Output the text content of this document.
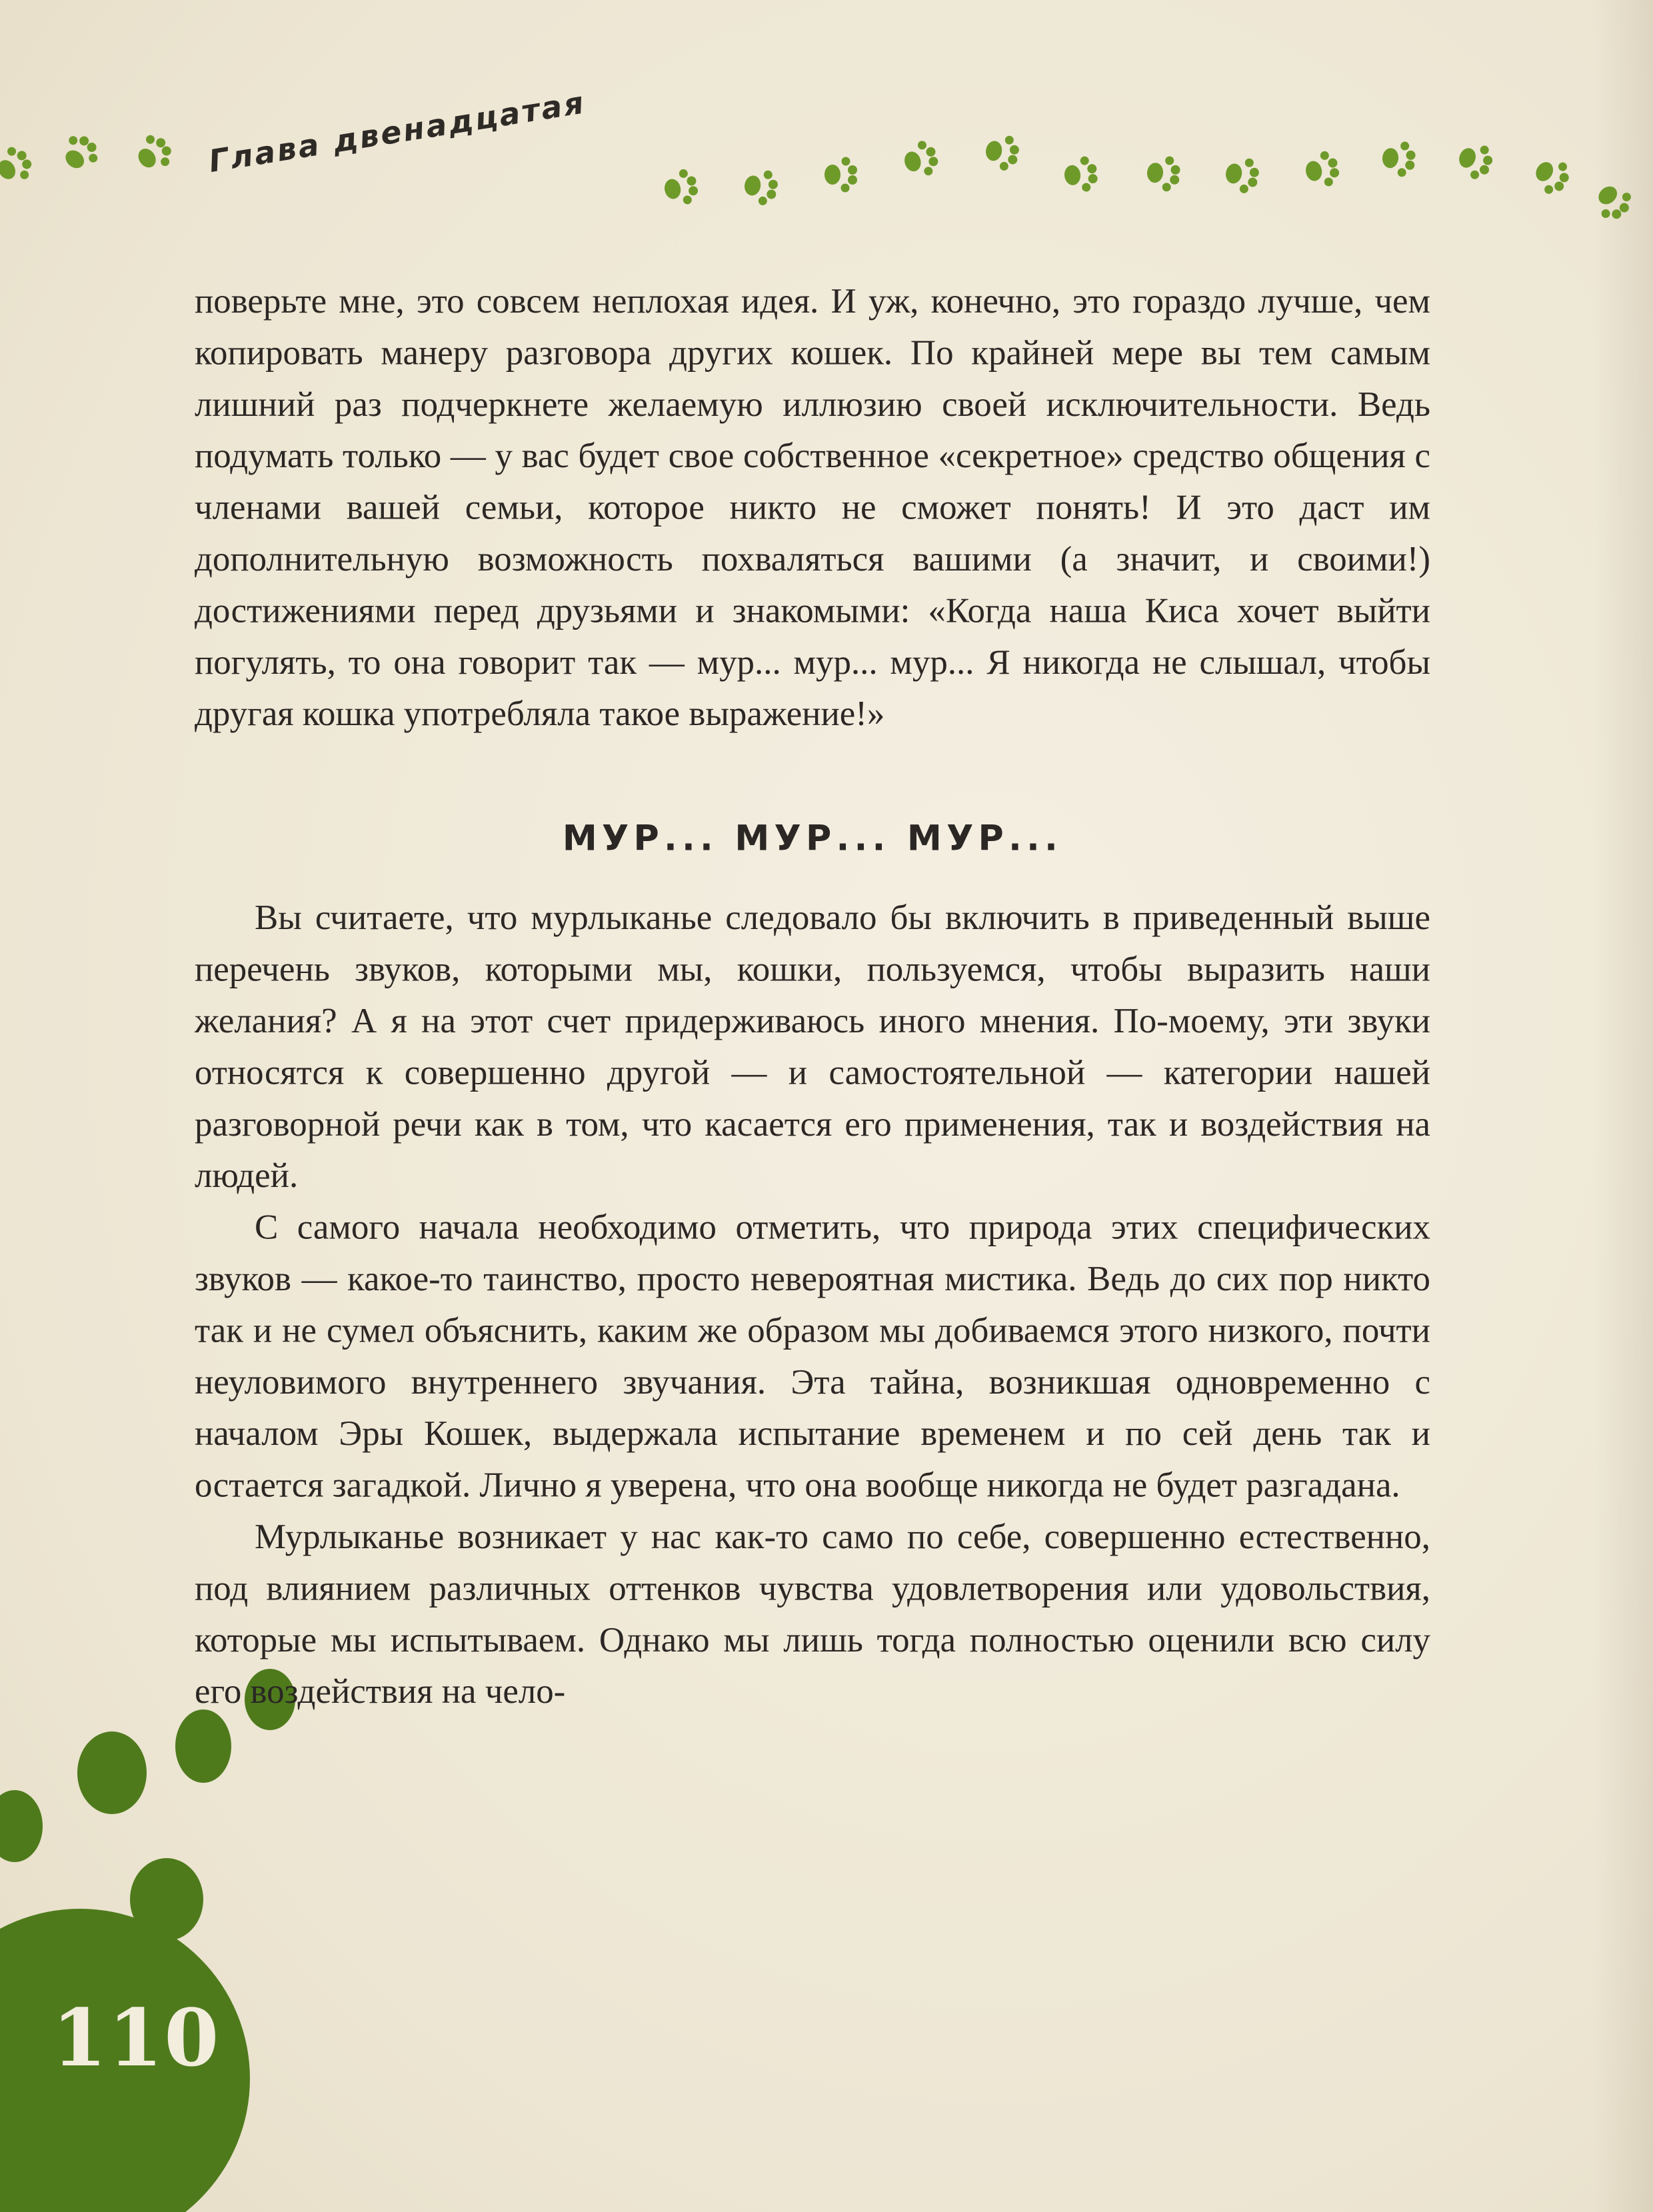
Глава двенадцатая

поверьте мне, это совсем неплохая идея. И уж, конечно, это гораздо лучше, чем копировать манеру разговора других кошек. По крайней мере вы тем самым лишний раз подчеркнете желаемую иллюзию своей исключительности. Ведь подумать только — у вас будет свое собственное «секретное» средство общения с членами вашей семьи, которое никто не сможет понять! И это даст им дополнительную возможность похваляться вашими (а значит, и своими!) достижениями перед друзьями и знакомыми: «Когда наша Киса хочет выйти погулять, то она говорит так — мур... мур... мур... Я никогда не слышал, чтобы другая кошка употребляла такое выражение!»

МУР... МУР... МУР...

Вы считаете, что мурлыканье следовало бы включить в приведенный выше перечень звуков, которыми мы, кошки, пользуемся, чтобы выразить наши желания? А я на этот счет придерживаюсь иного мнения. По-моему, эти звуки относятся к совершенно другой — и самостоятельной — категории нашей разговорной речи как в том, что касается его применения, так и воздействия на людей.

С самого начала необходимо отметить, что природа этих специфических звуков — какое-то таинство, просто невероятная мистика. Ведь до сих пор никто так и не сумел объяснить, каким же образом мы добиваемся этого низкого, почти неуловимого внутреннего звучания. Эта тайна, возникшая одновременно с началом Эры Кошек, выдержала испытание временем и по сей день так и остается загадкой. Лично я уверена, что она вообще никогда не будет разгадана.

Мурлыканье возникает у нас как-то само по себе, совершенно естественно, под влиянием различных оттенков чувства удовлетворения или удовольствия, которые мы испытываем. Однако мы лишь тогда полностью оценили всю силу его воздействия на чело-

110
